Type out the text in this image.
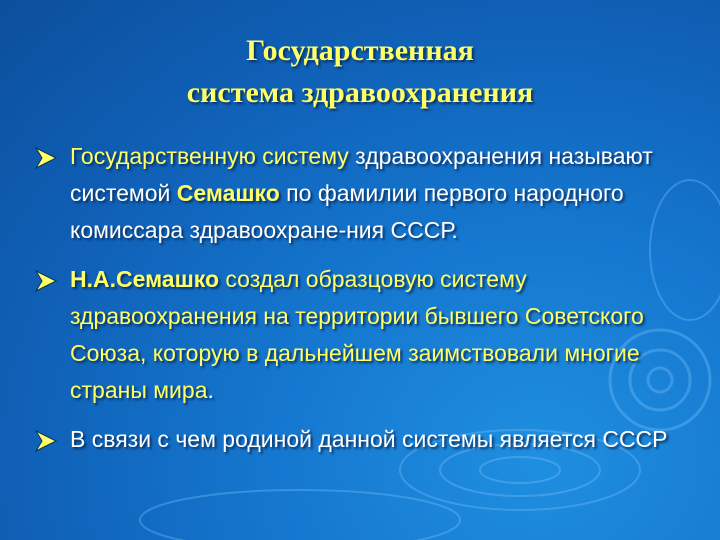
Государственная
система здравоохранения
Государственную систему здравоохранения называют системой Семашко по фамилии первого народного комиссара здравоохране-ния СССР.
Н.А.Семашко создал образцовую систему здравоохранения на территории бывшего Советского Союза, которую в дальнейшем заимствовали многие страны мира.
В связи с чем родиной данной системы является СССР
